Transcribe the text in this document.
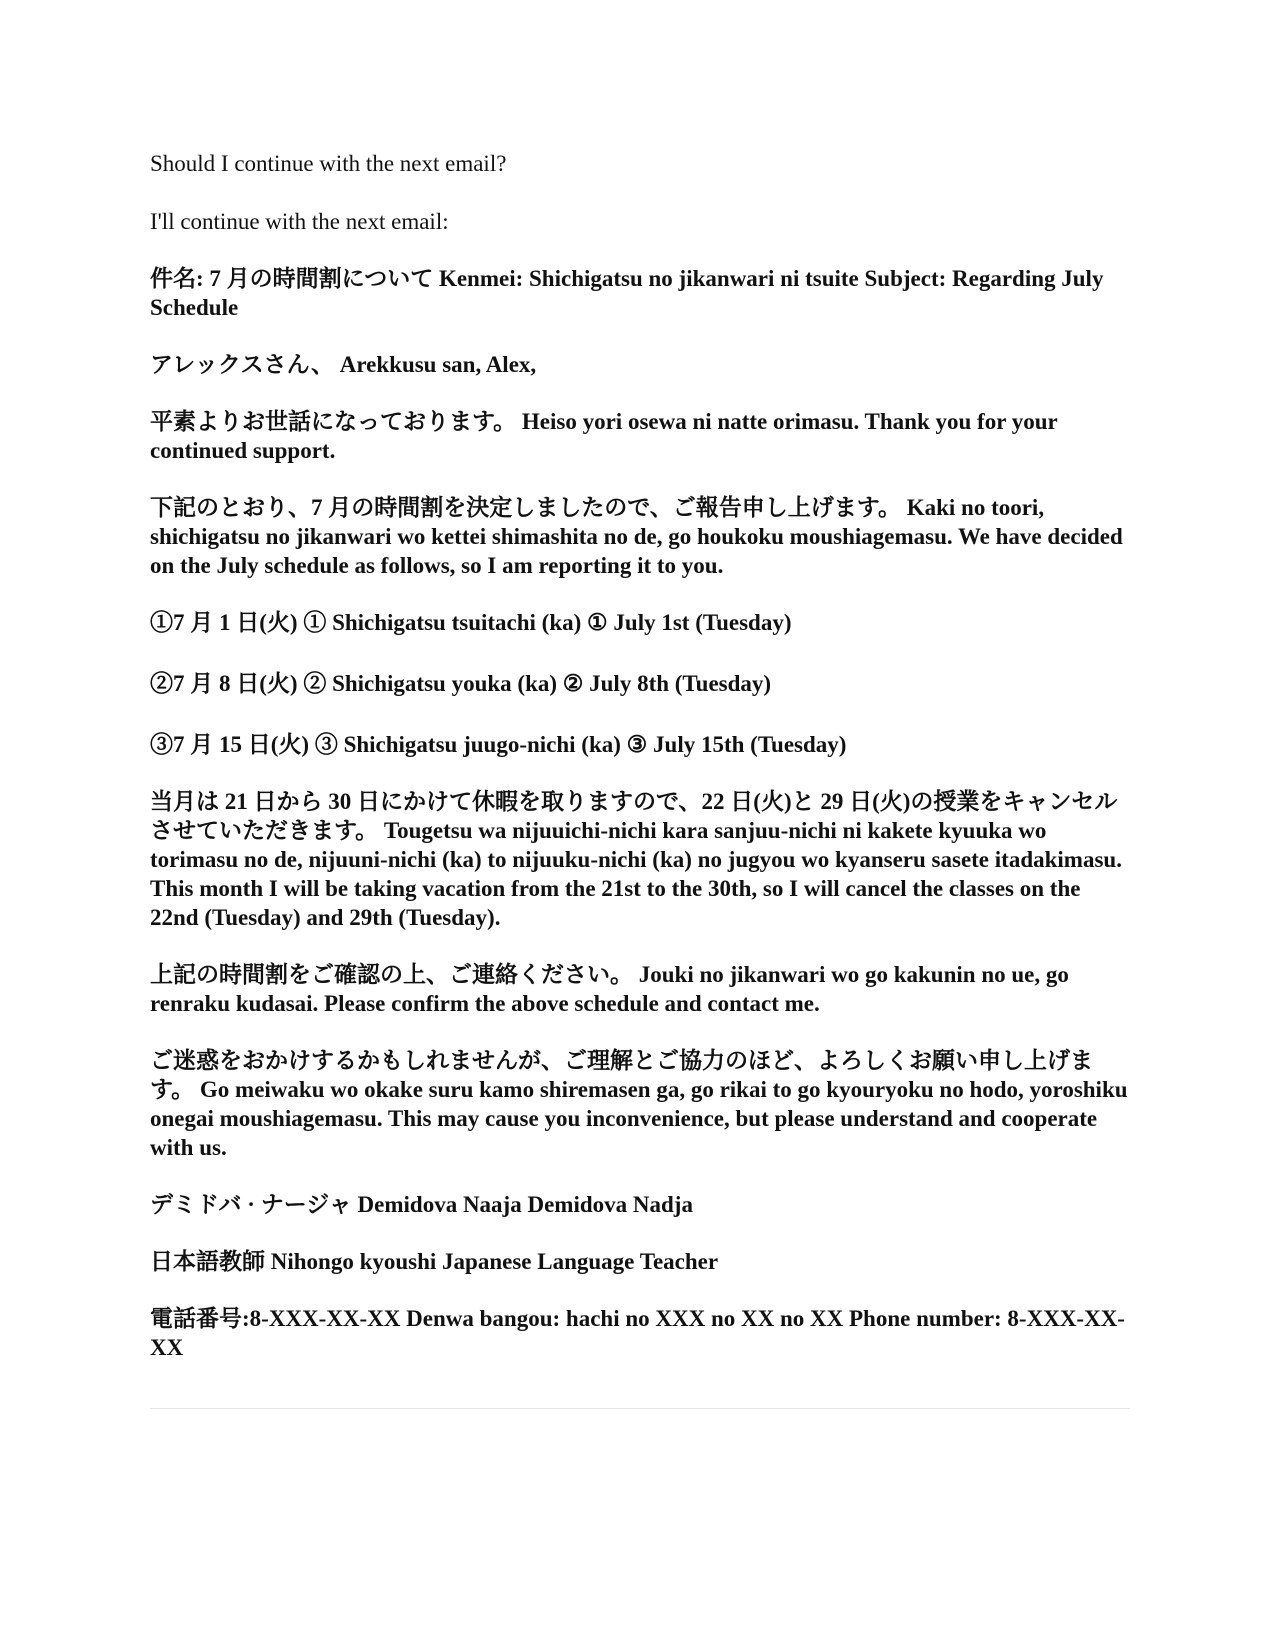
Should I continue with the next email?

I'll continue with the next email:

件名: 7 月の時間割について Kenmei: Shichigatsu no jikanwari ni tsuite Subject: Regarding July Schedule

アレックスさん、 Arekkusu san, Alex,

平素よりお世話になっております。 Heiso yori osewa ni natte orimasu. Thank you for your continued support.

下記のとおり、7 月の時間割を決定しましたので、ご報告申し上げます。 Kaki no toori, shichigatsu no jikanwari wo kettei shimashita no de, go houkoku moushiagemasu. We have decided on the July schedule as follows, so I am reporting it to you.

①7 月 1 日(火) ① Shichigatsu tsuitachi (ka) ① July 1st (Tuesday)

②7 月 8 日(火) ② Shichigatsu youka (ka) ② July 8th (Tuesday)

③7 月 15 日(火) ③ Shichigatsu juugo-nichi (ka) ③ July 15th (Tuesday)

当月は 21 日から 30 日にかけて休暇を取りますので、22 日(火)と 29 日(火)の授業をキャンセルさせていただきます。 Tougetsu wa nijuuichi-nichi kara sanjuu-nichi ni kakete kyuuka wo torimasu no de, nijuuni-nichi (ka) to nijuuku-nichi (ka) no jugyou wo kyanseru sasete itadakimasu. This month I will be taking vacation from the 21st to the 30th, so I will cancel the classes on the 22nd (Tuesday) and 29th (Tuesday).

上記の時間割をご確認の上、ご連絡ください。 Jouki no jikanwari wo go kakunin no ue, go renraku kudasai. Please confirm the above schedule and contact me.

ご迷惑をおかけするかもしれませんが、ご理解とご協力のほど、よろしくお願い申し上げます。 Go meiwaku wo okake suru kamo shiremasen ga, go rikai to go kyouryoku no hodo, yoroshiku onegai moushiagemasu. This may cause you inconvenience, but please understand and cooperate with us.

デミドバ · ナージャ Demidova Naaja Demidova Nadja

日本語教師 Nihongo kyoushi Japanese Language Teacher

電話番号:8-XXX-XX-XX Denwa bangou: hachi no XXX no XX no XX Phone number: 8-XXX-XX-XX
